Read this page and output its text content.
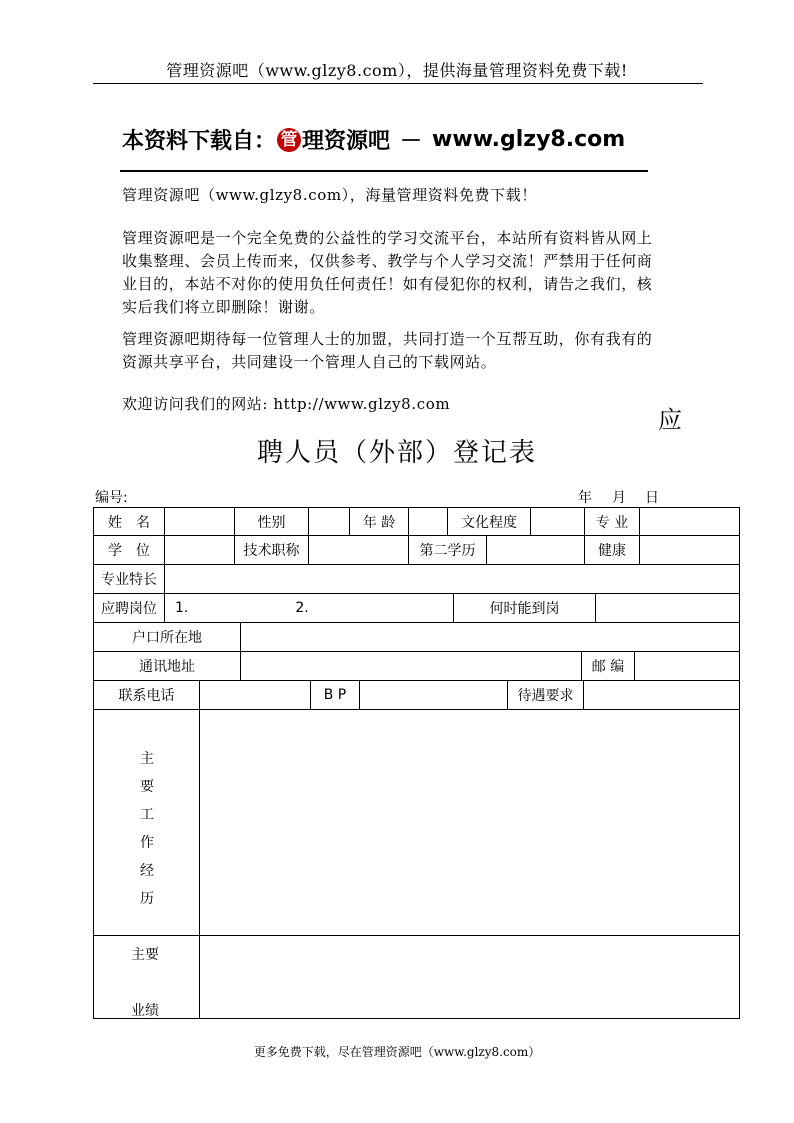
管理资源吧（www.glzy8.com），提供海量管理资料免费下载!
本资料下载自： 管 理资源吧 － www.glzy8.com
管理资源吧（www.glzy8.com），海量管理资料免费下载！
管理资源吧是一个完全免费的公益性的学习交流平台，本站所有资料皆从网上收集整理、会员上传而来，仅供参考、教学与个人学习交流！严禁用于任何商业目的，本站不对你的使用负任何责任！如有侵犯你的权利，请告之我们，核实后我们将立即删除！谢谢。
管理资源吧期待每一位管理人士的加盟，共同打造一个互帮互助，你有我有的资源共享平台，共同建设一个管理人自己的下载网站。
欢迎访问我们的网站: http://www.glzy8.com
应
聘人员（外部）登记表
编号:	年 月 日
姓　名	性别	年 龄	文化程度	专 业
学　位	技术职称	第二学历	健康
专业特长
应聘岗位	1.	2.	何时能到岗
户口所在地
通讯地址	邮 编
联系电话	B P	待遇要求
主
要
工
作
经
历
主要
业绩
更多免费下载，尽在管理资源吧（www.glzy8.com）
